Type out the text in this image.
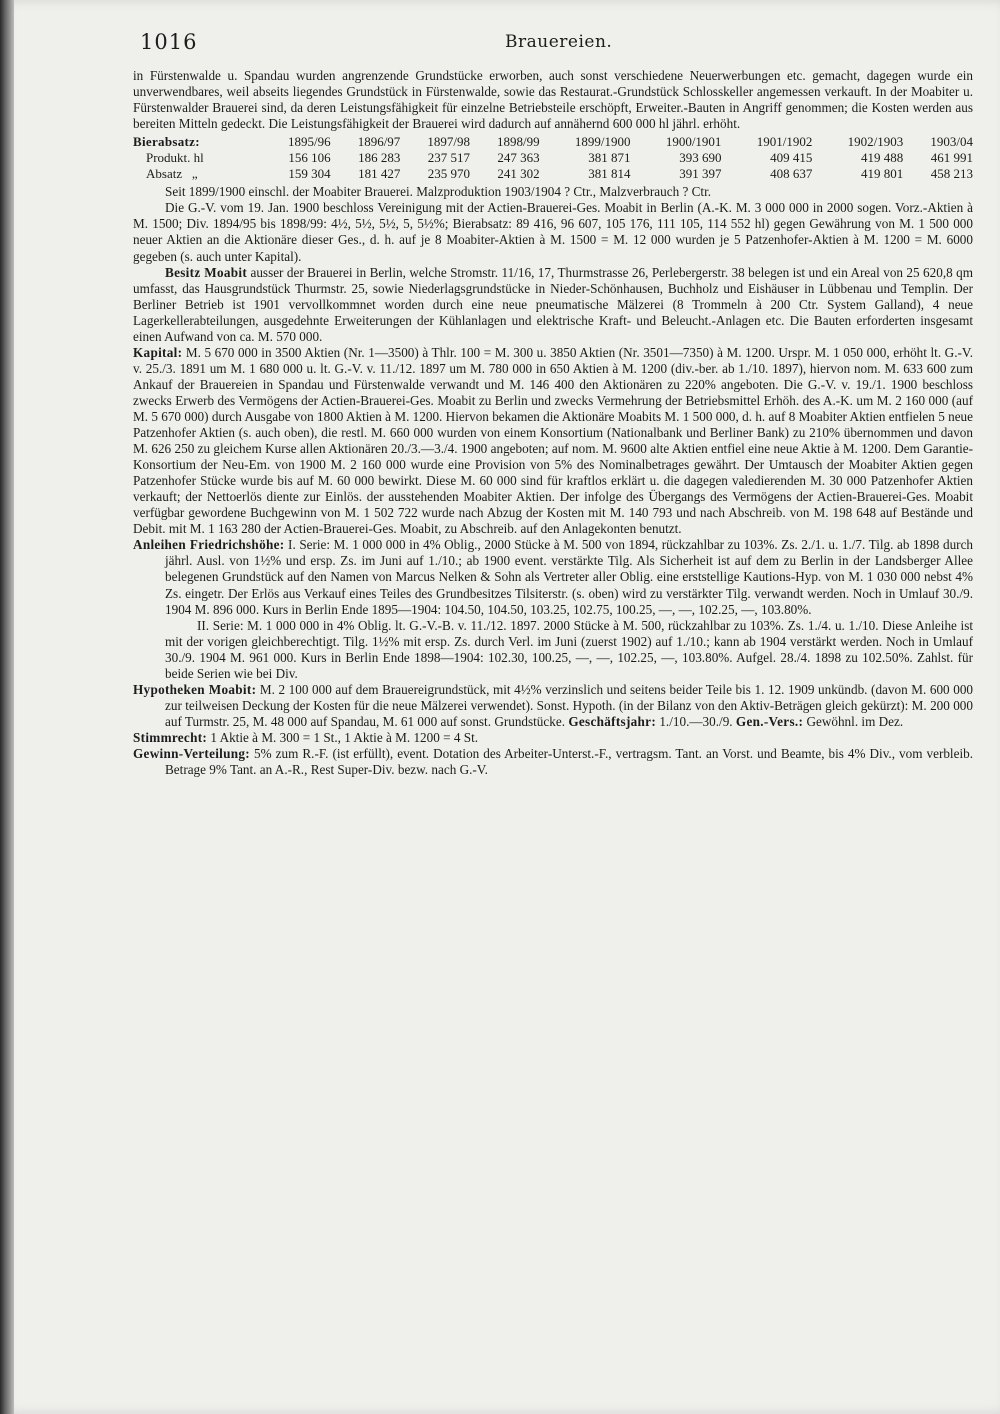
1016	Brauereien.

in Fürstenwalde u. Spandau wurden angrenzende Grundstücke erworben, auch sonst verschiedene Neuerwerbungen etc. gemacht, dagegen wurde ein unverwendbares, weil abseits liegendes Grundstück in Fürstenwalde, sowie das Restaurat.-Grundstück Schlosskeller angemessen verkauft. In der Moabiter u. Fürstenwalder Brauerei sind, da deren Leistungsfähigkeit für einzelne Betriebsteile erschöpft, Erweiter.-Bauten in Angriff genommen; die Kosten werden aus bereiten Mitteln gedeckt. Die Leistungsfähigkeit der Brauerei wird dadurch auf annähernd 600 000 hl jährl. erhöht.

Bierabsatz:	1895/96	1896/97	1897/98	1898/99	1899/1900	1900/1901	1901/1902	1902/1903	1903/04
 Produkt. hl	156 106	186 283	237 517	247 363	381 871	393 690	409 415	419 488	461 991
 Absatz   „	159 304	181 427	235 970	241 302	381 814	391 397	408 637	419 801	458 213

Seit 1899/1900 einschl. der Moabiter Brauerei. Malzproduktion 1903/1904 ? Ctr., Malzverbrauch ? Ctr.

Die G.-V. vom 19. Jan. 1900 beschloss Vereinigung mit der Actien-Brauerei-Ges. Moabit in Berlin (A.-K. M. 3 000 000 in 2000 sogen. Vorz.-Aktien à M. 1500; Div. 1894/95 bis 1898/99: 4½, 5½, 5½, 5, 5½%; Bierabsatz: 89 416, 96 607, 105 176, 111 105, 114 552 hl) gegen Gewährung von M. 1 500 000 neuer Aktien an die Aktionäre dieser Ges., d. h. auf je 8 Moabiter-Aktien à M. 1500 = M. 12 000 wurden je 5 Patzenhofer-Aktien à M. 1200 = M. 6000 gegeben (s. auch unter Kapital).

Besitz Moabit ausser der Brauerei in Berlin, welche Stromstr. 11/16, 17, Thurmstrasse 26, Perlebergerstr. 38 belegen ist und ein Areal von 25 620,8 qm umfasst, das Hausgrundstück Thurmstr. 25, sowie Niederlagsgrundstücke in Nieder-Schönhausen, Buchholz und Eishäuser in Lübbenau und Templin. Der Berliner Betrieb ist 1901 vervollkommnet worden durch eine neue pneumatische Mälzerei (8 Trommeln à 200 Ctr. System Galland), 4 neue Lagerkellerabteilungen, ausgedehnte Erweiterungen der Kühlanlagen und elektrische Kraft- und Beleucht.-Anlagen etc. Die Bauten erforderten insgesamt einen Aufwand von ca. M. 570 000.

Kapital: M. 5 670 000 in 3500 Aktien (Nr. 1—3500) à Thlr. 100 = M. 300 u. 3850 Aktien (Nr. 3501—7350) à M. 1200. Urspr. M. 1 050 000, erhöht lt. G.-V. v. 25./3. 1891 um M. 1 680 000 u. lt. G.-V. v. 11./12. 1897 um M. 780 000 in 650 Aktien à M. 1200 (div.-ber. ab 1./10. 1897), hiervon nom. M. 633 600 zum Ankauf der Brauereien in Spandau und Fürstenwalde verwandt und M. 146 400 den Aktionären zu 220% angeboten. Die G.-V. v. 19./1. 1900 beschloss zwecks Erwerb des Vermögens der Actien-Brauerei-Ges. Moabit zu Berlin und zwecks Vermehrung der Betriebsmittel Erhöh. des A.-K. um M. 2 160 000 (auf M. 5 670 000) durch Ausgabe von 1800 Aktien à M. 1200. Hiervon bekamen die Aktionäre Moabits M. 1 500 000, d. h. auf 8 Moabiter Aktien entfielen 5 neue Patzenhofer Aktien (s. auch oben), die restl. M. 660 000 wurden von einem Konsortium (Nationalbank und Berliner Bank) zu 210% übernommen und davon M. 626 250 zu gleichem Kurse allen Aktionären 20./3.—3./4. 1900 angeboten; auf nom. M. 9600 alte Aktien entfiel eine neue Aktie à M. 1200. Dem Garantie-Konsortium der Neu-Em. von 1900 M. 2 160 000 wurde eine Provision von 5% des Nominalbetrages gewährt. Der Umtausch der Moabiter Aktien gegen Patzenhofer Stücke wurde bis auf M. 60 000 bewirkt. Diese M. 60 000 sind für kraftlos erklärt u. die dagegen valedierenden M. 30 000 Patzenhofer Aktien verkauft; der Nettoerlös diente zur Einlös. der ausstehenden Moabiter Aktien. Der infolge des Übergangs des Vermögens der Actien-Brauerei-Ges. Moabit verfügbar gewordene Buchgewinn von M. 1 502 722 wurde nach Abzug der Kosten mit M. 140 793 und nach Abschreib. von M. 198 648 auf Bestände und Debit. mit M. 1 163 280 der Actien-Brauerei-Ges. Moabit, zu Abschreib. auf den Anlagekonten benutzt.

Anleihen Friedrichshöhe: I. Serie: M. 1 000 000 in 4% Oblig., 2000 Stücke à M. 500 von 1894, rückzahlbar zu 103%. Zs. 2./1. u. 1./7. Tilg. ab 1898 durch jährl. Ausl. von 1½% und ersp. Zs. im Juni auf 1./10.; ab 1900 event. verstärkte Tilg. Als Sicherheit ist auf dem zu Berlin in der Landsberger Allee belegenen Grundstück auf den Namen von Marcus Nelken & Sohn als Vertreter aller Oblig. eine erststellige Kautions-Hyp. von M. 1 030 000 nebst 4% Zs. eingetr. Der Erlös aus Verkauf eines Teiles des Grundbesitzes Tilsiterstr. (s. oben) wird zu verstärkter Tilg. verwandt werden. Noch in Umlauf 30./9. 1904 M. 896 000. Kurs in Berlin Ende 1895—1904: 104.50, 104.50, 103.25, 102.75, 100.25, —, —, 102.25, —, 103.80%.

II. Serie: M. 1 000 000 in 4% Oblig. lt. G.-V.-B. v. 11./12. 1897. 2000 Stücke à M. 500, rückzahlbar zu 103%. Zs. 1./4. u. 1./10. Diese Anleihe ist mit der vorigen gleichberechtigt. Tilg. 1½% mit ersp. Zs. durch Verl. im Juni (zuerst 1902) auf 1./10.; kann ab 1904 verstärkt werden. Noch in Umlauf 30./9. 1904 M. 961 000. Kurs in Berlin Ende 1898—1904: 102.30, 100.25, —, —, 102.25, —, 103.80%. Aufgel. 28./4. 1898 zu 102.50%. Zahlst. für beide Serien wie bei Div.

Hypotheken Moabit: M. 2 100 000 auf dem Brauereigrundstück, mit 4½% verzinslich und seitens beider Teile bis 1. 12. 1909 unkündb. (davon M. 600 000 zur teilweisen Deckung der Kosten für die neue Mälzerei verwendet). Sonst. Hypoth. (in der Bilanz von den Aktiv-Beträgen gleich gekürzt): M. 200 000 auf Turmstr. 25, M. 48 000 auf Spandau, M. 61 000 auf sonst. Grundstücke. Geschäftsjahr: 1./10.—30./9. Gen.-Vers.: Gewöhnl. im Dez.

Stimmrecht: 1 Aktie à M. 300 = 1 St., 1 Aktie à M. 1200 = 4 St.

Gewinn-Verteilung: 5% zum R.-F. (ist erfüllt), event. Dotation des Arbeiter-Unterst.-F., vertragsm. Tant. an Vorst. und Beamte, bis 4% Div., vom verbleib. Betrage 9% Tant. an A.-R., Rest Super-Div. bezw. nach G.-V.
